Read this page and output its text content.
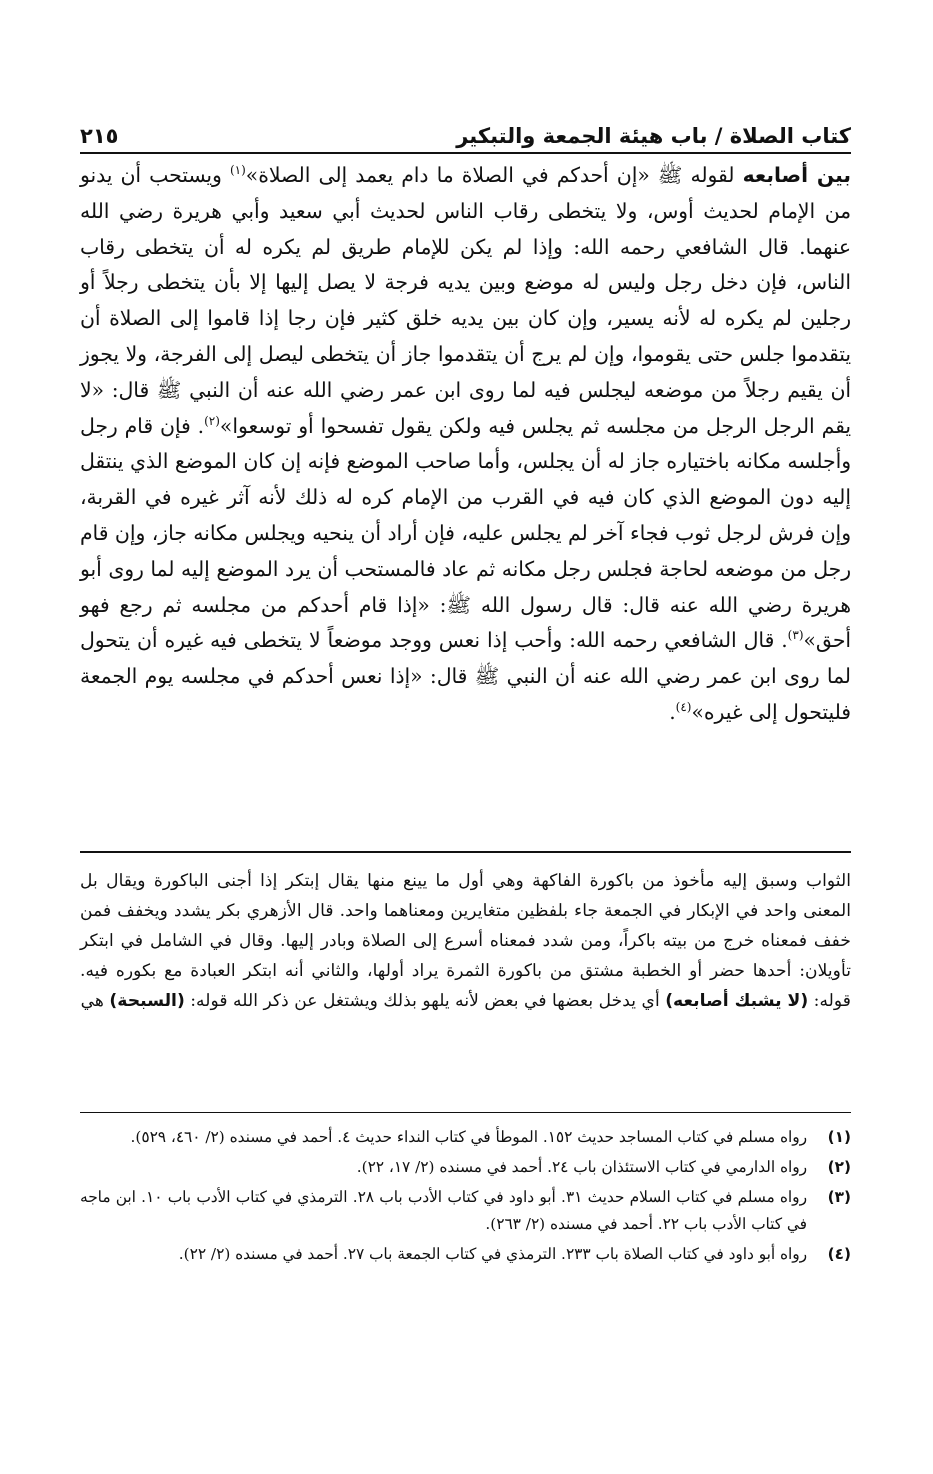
كتاب الصلاة / باب هيئة الجمعة والتبكير
٢١٥

بين أصابعه لقوله ﷺ «إن أحدكم في الصلاة ما دام يعمد إلى الصلاة»$^{(١)}$ ويستحب أن يدنو من الإمام لحديث أوس، ولا يتخطى رقاب الناس لحديث أبي سعيد وأبي هريرة رضي الله عنهما. قال الشافعي رحمه الله: وإذا لم يكن للإمام طريق لم يكره له أن يتخطى رقاب الناس، فإن دخل رجل وليس له موضع وبين يديه فرجة لا يصل إليها إلا بأن يتخطى رجلاً أو رجلين لم يكره له لأنه يسير، وإن كان بين يديه خلق كثير فإن رجا إذا قاموا إلى الصلاة أن يتقدموا جلس حتى يقوموا، وإن لم يرج أن يتقدموا جاز أن يتخطى ليصل إلى الفرجة، ولا يجوز أن يقيم رجلاً من موضعه ليجلس فيه لما روى ابن عمر رضي الله عنه أن النبي ﷺ قال: «لا يقم الرجل الرجل من مجلسه ثم يجلس فيه ولكن يقول تفسحوا أو توسعوا»$^{(٢)}$. فإن قام رجل وأجلسه مكانه باختياره جاز له أن يجلس، وأما صاحب الموضع فإنه إن كان الموضع الذي ينتقل إليه دون الموضع الذي كان فيه في القرب من الإمام كره له ذلك لأنه آثر غيره في القربة، وإن فرش لرجل ثوب فجاء آخر لم يجلس عليه، فإن أراد أن ينحيه ويجلس مكانه جاز، وإن قام رجل من موضعه لحاجة فجلس رجل مكانه ثم عاد فالمستحب أن يرد الموضع إليه لما روى أبو هريرة رضي الله عنه قال: قال رسول الله ﷺ: «إذا قام أحدكم من مجلسه ثم رجع فهو أحق»$^{(٣)}$. قال الشافعي رحمه الله: وأحب إذا نعس ووجد موضعاً لا يتخطى فيه غيره أن يتحول لما روى ابن عمر رضي الله عنه أن النبي ﷺ قال: «إذا نعس أحدكم في مجلسه يوم الجمعة فليتحول إلى غيره»$^{(٤)}$.

الثواب وسبق إليه مأخوذ من باكورة الفاكهة وهي أول ما يينع منها يقال إبتكر إذا أجنى الباكورة ويقال بل المعنى واحد في الإبكار في الجمعة جاء بلفظين متغايرين ومعناهما واحد. قال الأزهري بكر يشدد ويخفف فمن خفف فمعناه خرج من بيته باكراً، ومن شدد فمعناه أسرع إلى الصلاة وبادر إليها. وقال في الشامل في ابتكر تأويلان: أحدها حضر أو الخطبة مشتق من باكورة الثمرة يراد أولها، والثاني أنه ابتكر العبادة مع بكوره فيه. قوله: (لا يشبك أصابعه) أي يدخل بعضها في بعض لأنه يلهو بذلك ويشتغل عن ذكر الله قوله: (السبحة) هي

(١)
رواه مسلم في كتاب المساجد حديث ١٥٢. الموطأ في كتاب النداء حديث ٤. أحمد في مسنده (٢/ ٤٦٠، ٥٢٩).
(٢)
رواه الدارمي في كتاب الاستئذان باب ٢٤. أحمد في مسنده (٢/ ١٧، ٢٢).
(٣)
رواه مسلم في كتاب السلام حديث ٣١. أبو داود في كتاب الأدب باب ٢٨. الترمذي في كتاب الأدب باب ١٠. ابن ماجه في كتاب الأدب باب ٢٢. أحمد في مسنده (٢/ ٢٦٣).
(٤)
رواه أبو داود في كتاب الصلاة باب ٢٣٣. الترمذي في كتاب الجمعة باب ٢٧. أحمد في مسنده (٢/ ٢٢).
